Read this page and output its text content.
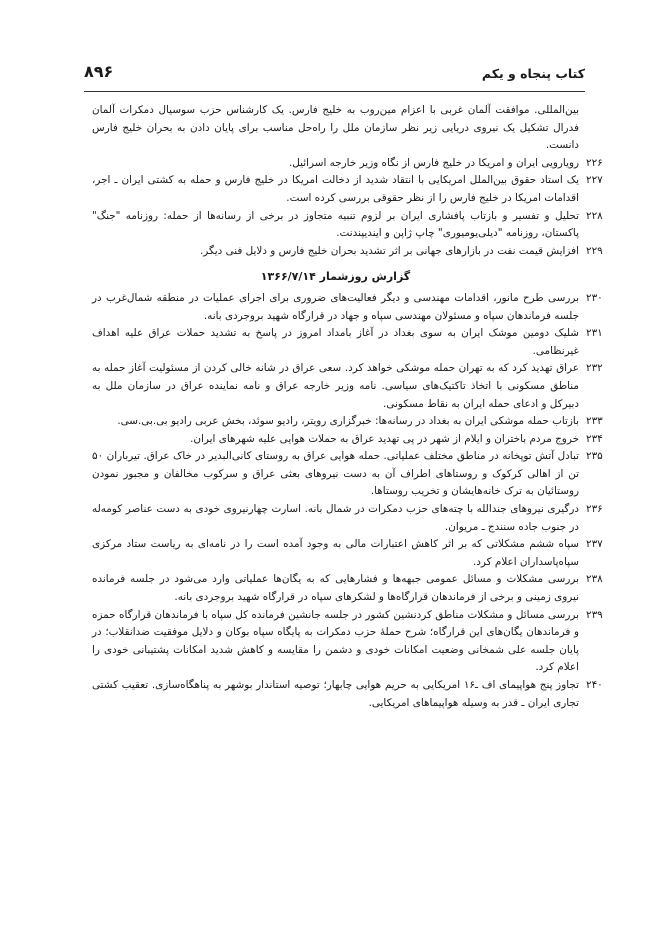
کتاب پنجاه و یکم
۸۹۶

بین‌المللی. موافقت آلمان غربی با اعزام مین‌روب به خلیج فارس. یک کارشناس حزب سوسیال دمکرات آلمان فدرال تشکیل یک نیروی دریایی زیر نظر سازمان ملل را راه‌حل مناسب برای پایان دادن به بحران خلیج فارس دانست.

۲۲۶
رویارویی ایران و امریکا در خلیج فارس از نگاه وزیر خارجه اسرائیل.
۲۲۷
یک استاد حقوق بین‌الملل امریکایی با انتقاد شدید از دخالت امریکا در خلیج فارس و حمله به کشتی ایران ـ اجر، اقدامات امریکا در خلیج فارس را از نظر حقوقی بررسی کرده است.
۲۲۸
تحلیل و تفسیر و بازتاب پافشاری ایران بر لزوم تنبیه متجاوز در برخی از رسانه‌ها از حمله: روزنامه "جنگ" پاکستان، روزنامه "دیلی‌یومیوری" چاپ ژاپن و ایندیپندنت.
۲۲۹
افزایش قیمت نفت در بازارهای جهانی بر اثر تشدید بحران خلیج فارس و دلایل فنی دیگر.
گزارش روزشمار ۱۳۶۶/۷/۱۴
۲۳۰
بررسی طرح مانور، اقدامات مهندسی و دیگر فعالیت‌های ضروری برای اجرای عملیات در منطقه شمال‌غرب در جلسه فرماندهان سپاه و مسئولان مهندسی سپاه و جهاد در قرارگاه شهید بروجردی بانه.
۲۳۱
شلیک دومین موشک ایران به سوی بغداد در آغاز بامداد امروز در پاسخ به تشدید حملات عراق علیه اهداف غیرنظامی.
۲۳۲
عراق تهدید کرد که به تهران حمله موشکی خواهد کرد. سعی عراق در شانه خالی کردن از مسئولیت آغاز حمله به مناطق مسکونی با اتخاذ تاکتیک‌های سیاسی. نامه وزیر خارجه عراق و نامه نماینده عراق در سازمان ملل به دبیرکل و ادعای حمله ایران به نقاط مسکونی.
۲۳۳
بازتاب حمله موشکی ایران به بغداد در رسانه‌ها: خبرگزاری رویتر، رادیو سوئد، بخش عربی رادیو بی.بی.سی.
۲۳۴
خروج مردم باختران و ایلام از شهر در پی تهدید عراق به حملات هوایی علیه شهرهای ایران.
۲۳۵
تبادل آتش توپخانه در مناطق مختلف عملیاتی. حمله هوایی عراق به روستای کانی‌البدیر در خاک عراق. تیرباران ۵۰ تن از اهالی کرکوک و روستاهای اطراف آن به دست نیروهای بعثی عراق و سرکوب مخالفان و مجبور نمودن روستائیان به ترک خانه‌هایشان و تخریب روستاها.
۲۳۶
درگیری نیروهای جندالله با چته‌های حزب دمکرات در شمال بانه. اسارت چهارنیروی خودی به دست عناصر کومه‌له در جنوب جاده سنندج ـ مریوان.
۲۳۷
سپاه ششم مشکلاتی که بر اثر کاهش اعتبارات مالی به وجود آمده است را در نامه‌ای به ریاست ستاد مرکزی سپاه‌پاسداران اعلام کرد.
۲۳۸
بررسی مشکلات و مسائل عمومی جبهه‌ها و فشارهایی که به یگان‌ها عملیاتی وارد می‌شود در جلسه فرمانده نیروی زمینی و برخی از فرماندهان قرارگاه‌ها و لشکرهای سپاه در قرارگاه شهید بروجردی بانه.
۲۳۹
بررسی مسائل و مشکلات مناطق کردنشین کشور در جلسه جانشین فرمانده کل سپاه با فرماندهان قرارگاه حمزه و فرماندهان یگان‌های این قرارگاه؛ شرح حملهٔ حزب دمکرات به پایگاه سپاه بوکان و دلایل موفقیت ضدانقلاب؛ در پایان جلسه علی شمخانی وضعیت امکانات خودی و دشمن را مقایسه و کاهش شدید امکانات پشتیبانی خودی را اعلام کرد.
۲۴۰
تجاوز پنج هواپیمای اف ـ۱۶ امریکایی به حریم هوایی چابهار؛ توصیه استاندار بوشهر به پناهگاه‌سازی. تعقیب کشتی تجاری ایران ـ قدر به وسیله هواپیماهای امریکایی.
